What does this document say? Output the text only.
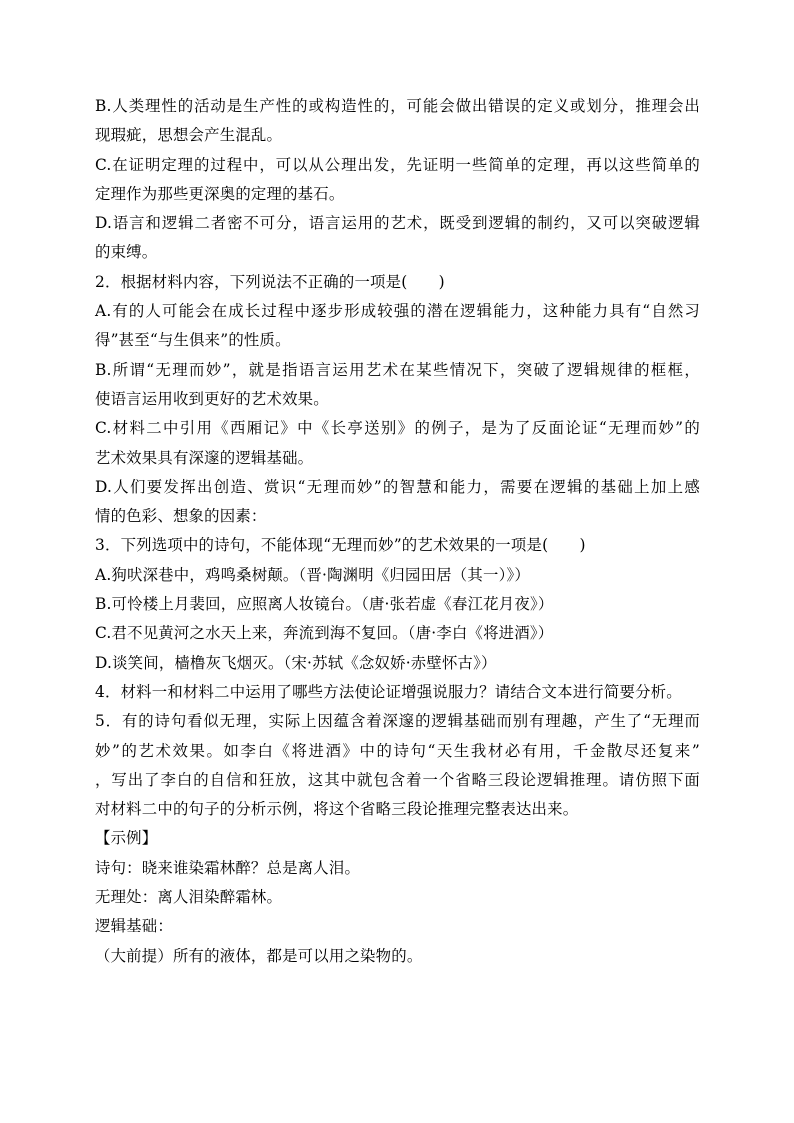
B.人类理性的活动是生产性的或构造性的，可能会做出错误的定义或划分，推理会出
现瑕疵，思想会产生混乱。
C.在证明定理的过程中，可以从公理出发，先证明一些简单的定理，再以这些简单的
定理作为那些更深奥的定理的基石。
D.语言和逻辑二者密不可分，语言运用的艺术，既受到逻辑的制约，又可以突破逻辑
的束缚。
2．根据材料内容，下列说法不正确的一项是(　　)
A.有的人可能会在成长过程中逐步形成较强的潜在逻辑能力，这种能力具有“自然习
得”甚至“与生俱来”的性质。
B.所谓“无理而妙”，就是指语言运用艺术在某些情况下，突破了逻辑规律的框框，
使语言运用收到更好的艺术效果。
C.材料二中引用《西厢记》中《长亭送别》的例子，是为了反面论证“无理而妙”的
艺术效果具有深邃的逻辑基础。
D.人们要发挥出创造、赏识“无理而妙”的智慧和能力，需要在逻辑的基础上加上感
情的色彩、想象的因素：
3．下列选项中的诗句，不能体现“无理而妙”的艺术效果的一项是(　　)
A.狗吠深巷中，鸡鸣桑树颠。（晋·陶渊明《归园田居（其一）》）
B.可怜楼上月裴回，应照离人妆镜台。（唐·张若虚《春江花月夜》）
C.君不见黄河之水天上来，奔流到海不复回。（唐·李白《将进酒》）
D.谈笑间，樯橹灰飞烟灭。（宋·苏轼《念奴娇·赤壁怀古》）
4．材料一和材料二中运用了哪些方法使论证增强说服力？请结合文本进行简要分析。
5．有的诗句看似无理，实际上因蕴含着深邃的逻辑基础而别有理趣，产生了“无理而
妙”的艺术效果。如李白《将进酒》中的诗句“天生我材必有用，千金散尽还复来”
，写出了李白的自信和狂放，这其中就包含着一个省略三段论逻辑推理。请仿照下面
对材料二中的句子的分析示例，将这个省略三段论推理完整表达出来。
【示例】
诗句：晓来谁染霜林醉？总是离人泪。
无理处：离人泪染醉霜林。
逻辑基础：
（大前提）所有的液体，都是可以用之染物的。
